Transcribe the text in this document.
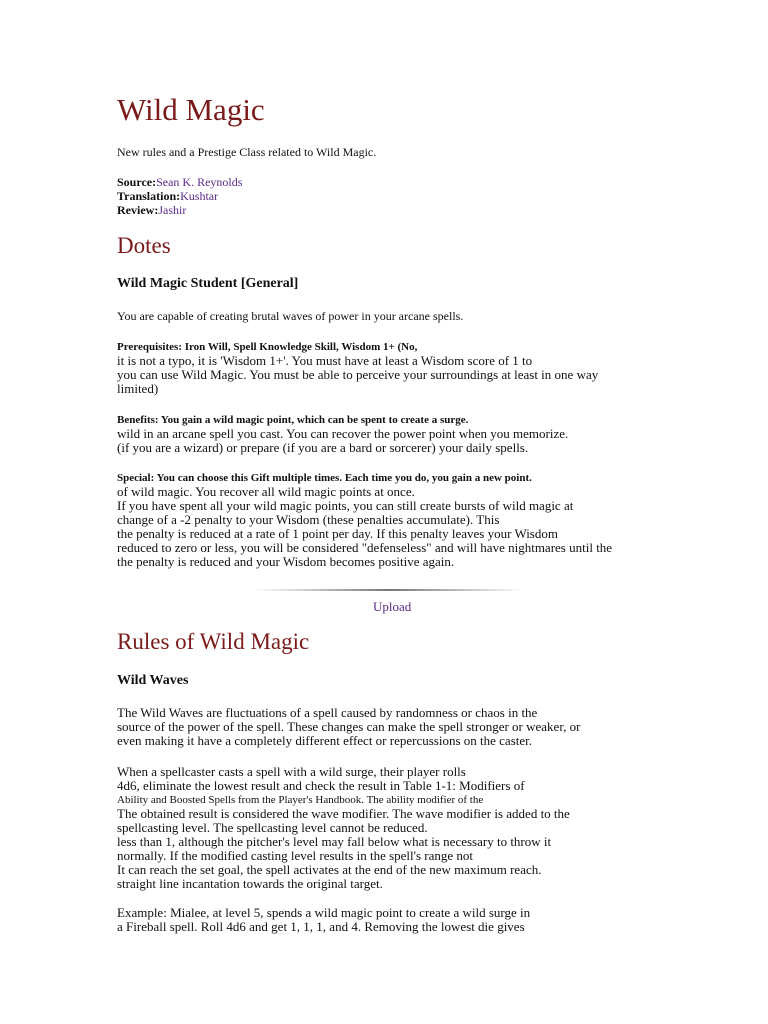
Wild Magic
New rules and a Prestige Class related to Wild Magic.
Source:Sean K. Reynolds
Translation:Kushtar
Review:Jashir
Dotes
Wild Magic Student [General]
You are capable of creating brutal waves of power in your arcane spells.
Prerequisites: Iron Will, Spell Knowledge Skill, Wisdom 1+ (No,
it is not a typo, it is 'Wisdom 1+'. You must have at least a Wisdom score of 1 to
you can use Wild Magic. You must be able to perceive your surroundings at least in one way
limited)
Benefits: You gain a wild magic point, which can be spent to create a surge.
wild in an arcane spell you cast. You can recover the power point when you memorize.
(if you are a wizard) or prepare (if you are a bard or sorcerer) your daily spells.
Special: You can choose this Gift multiple times. Each time you do, you gain a new point.
of wild magic. You recover all wild magic points at once.
If you have spent all your wild magic points, you can still create bursts of wild magic at
change of a -2 penalty to your Wisdom (these penalties accumulate). This
the penalty is reduced at a rate of 1 point per day. If this penalty leaves your Wisdom
reduced to zero or less, you will be considered "defenseless" and will have nightmares until the
the penalty is reduced and your Wisdom becomes positive again.
Upload
Rules of Wild Magic
Wild Waves
The Wild Waves are fluctuations of a spell caused by randomness or chaos in the
source of the power of the spell. These changes can make the spell stronger or weaker, or
even making it have a completely different effect or repercussions on the caster.
When a spellcaster casts a spell with a wild surge, their player rolls
4d6, eliminate the lowest result and check the result in Table 1-1: Modifiers of
Ability and Boosted Spells from the Player's Handbook. The ability modifier of the
The obtained result is considered the wave modifier. The wave modifier is added to the
spellcasting level. The spellcasting level cannot be reduced.
less than 1, although the pitcher's level may fall below what is necessary to throw it
normally. If the modified casting level results in the spell's range not
It can reach the set goal, the spell activates at the end of the new maximum reach.
straight line incantation towards the original target.
Example: Mialee, at level 5, spends a wild magic point to create a wild surge in
a Fireball spell. Roll 4d6 and get 1, 1, 1, and 4. Removing the lowest die gives
